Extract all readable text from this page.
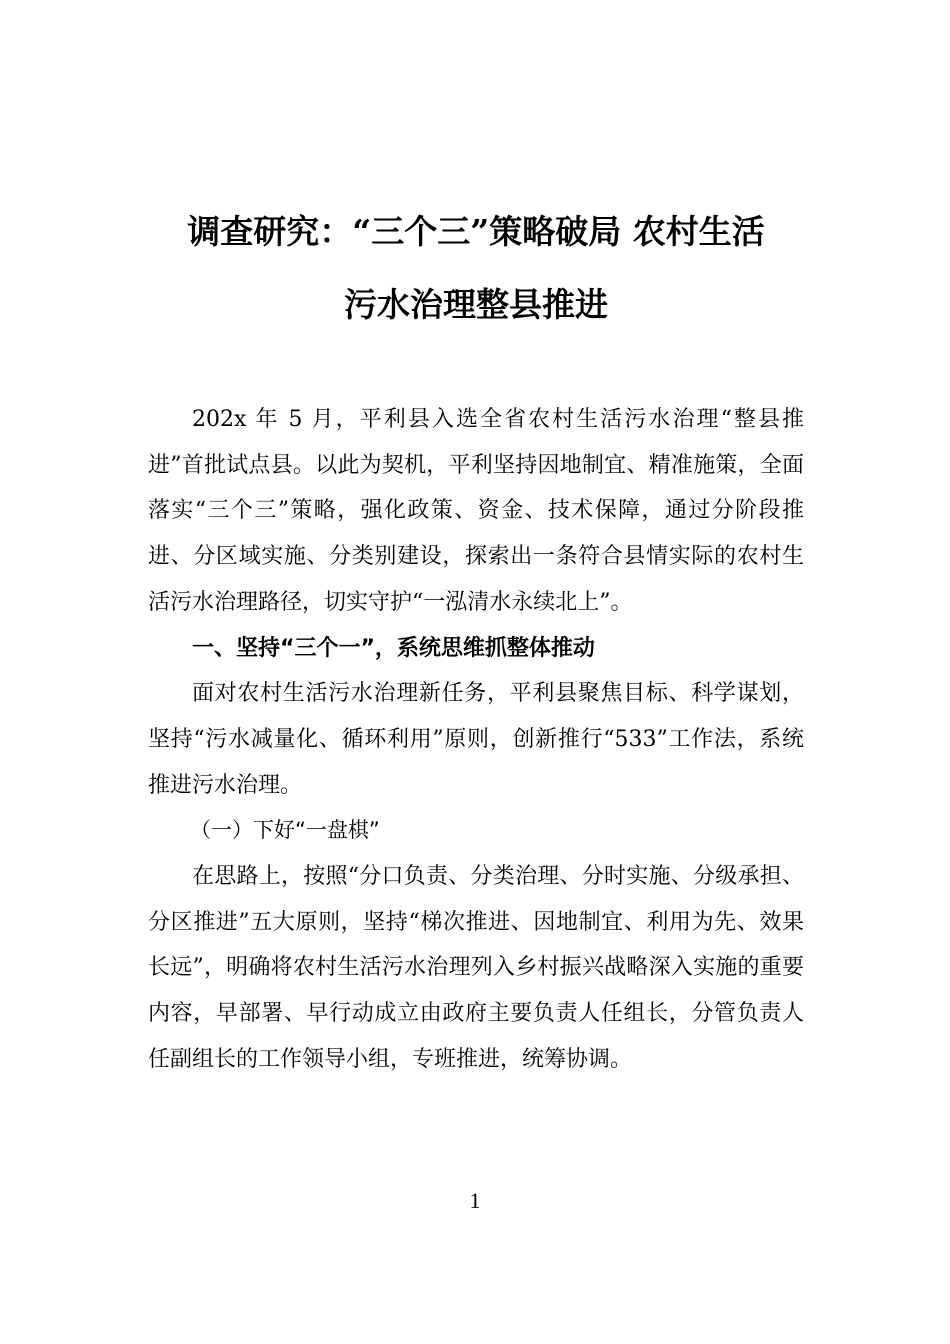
调查研究：“三个三”策略破局 农村生活
污水治理整县推进

202x 年 5 月，平利县入选全省农村生活污水治理“整县推进”首批试点县。以此为契机，平利坚持因地制宜、精准施策，全面落实“三个三”策略，强化政策、资金、技术保障，通过分阶段推进、分区域实施、分类别建设，探索出一条符合县情实际的农村生活污水治理路径，切实守护“一泓清水永续北上”。

一、坚持“三个一”，系统思维抓整体推动

面对农村生活污水治理新任务，平利县聚焦目标、科学谋划，坚持“污水减量化、循环利用”原则，创新推行“533”工作法，系统推进污水治理。

（一）下好“一盘棋”

在思路上，按照“分口负责、分类治理、分时实施、分级承担、分区推进”五大原则，坚持“梯次推进、因地制宜、利用为先、效果长远”，明确将农村生活污水治理列入乡村振兴战略深入实施的重要内容，早部署、早行动成立由政府主要负责人任组长，分管负责人任副组长的工作领导小组，专班推进，统筹协调。

1
